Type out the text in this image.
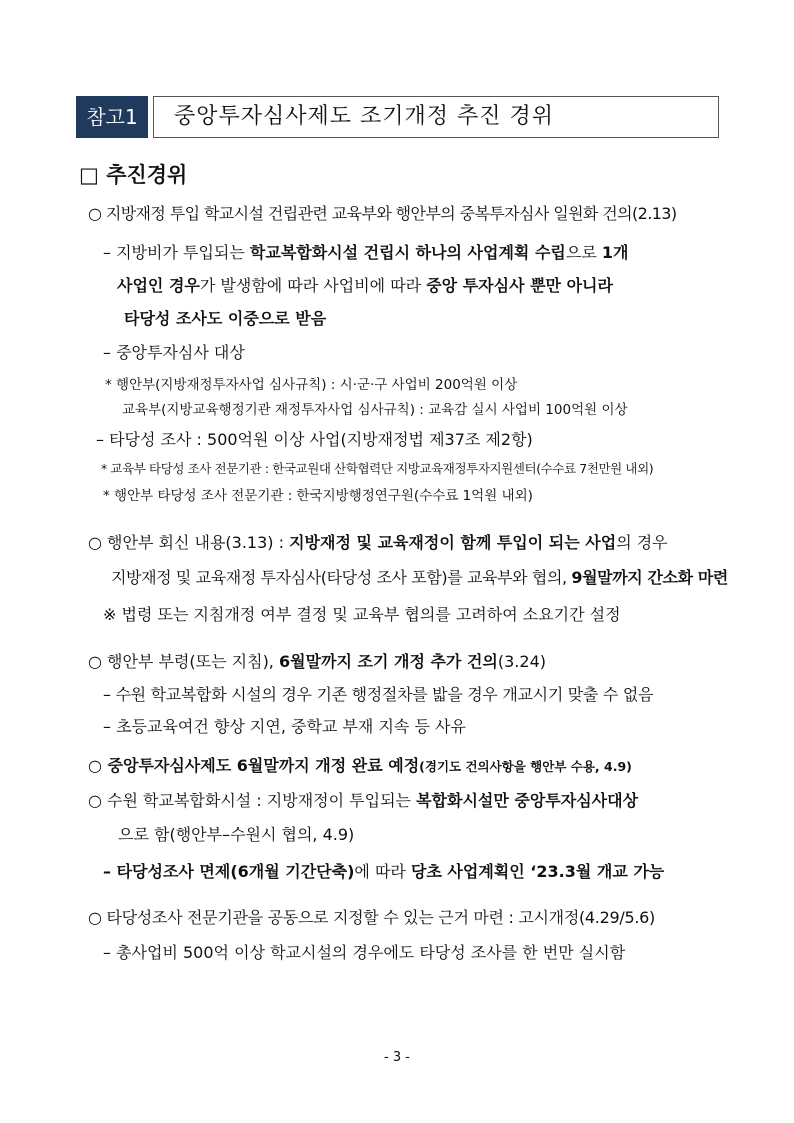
참고1	중앙투자심사제도 조기개정 추진 경위
□ 추진경위
○ 지방재정 투입 학교시설 건립관련 교육부와 행안부의 중복투자심사 일원화 건의(2.13)
– 지방비가 투입되는 학교복합화시설 건립시 하나의 사업계획 수립으로 1개
사업인 경우가 발생함에 따라 사업비에 따라 중앙 투자심사 뿐만 아니라
타당성 조사도 이중으로 받음
– 중앙투자심사 대상
* 행안부(지방재정투자사업 심사규칙) : 시·군·구 사업비 200억원 이상
교육부(지방교육행정기관 재정투자사업 심사규칙) : 교육감 실시 사업비 100억원 이상
– 타당성 조사 : 500억원 이상 사업(지방재정법 제37조 제2항)
* 교육부 타당성 조사 전문기관 : 한국교원대 산학협력단 지방교육재정투자지원센터(수수료 7천만원 내외)
* 행안부 타당성 조사 전문기관 : 한국지방행정연구원(수수료 1억원 내외)
○ 행안부 회신 내용(3.13) : 지방재정 및 교육재정이 함께 투입이 되는 사업의 경우
지방재정 및 교육재정 투자심사(타당성 조사 포함)를 교육부와 협의, 9월말까지 간소화 마련
※ 법령 또는 지침개정 여부 결정 및 교육부 협의를 고려하여 소요기간 설정
○ 행안부 부령(또는 지침), 6월말까지 조기 개정 추가 건의(3.24)
– 수원 학교복합화 시설의 경우 기존 행정절차를 밟을 경우 개교시기 맞출 수 없음
– 초등교육여건 향상 지연, 중학교 부재 지속 등 사유
○ 중앙투자심사제도 6월말까지 개정 완료 예정(경기도 건의사항을 행안부 수용, 4.9)
○ 수원 학교복합화시설 : 지방재정이 투입되는 복합화시설만 중앙투자심사대상
으로 함(행안부–수원시 협의, 4.9)
– 타당성조사 면제(6개월 기간단축)에 따라 당초 사업계획인 ‘23.3월 개교 가능
○ 타당성조사 전문기관을 공동으로 지정할 수 있는 근거 마련 : 고시개정(4.29/5.6)
– 총사업비 500억 이상 학교시설의 경우에도 타당성 조사를 한 번만 실시함
- 3 -
